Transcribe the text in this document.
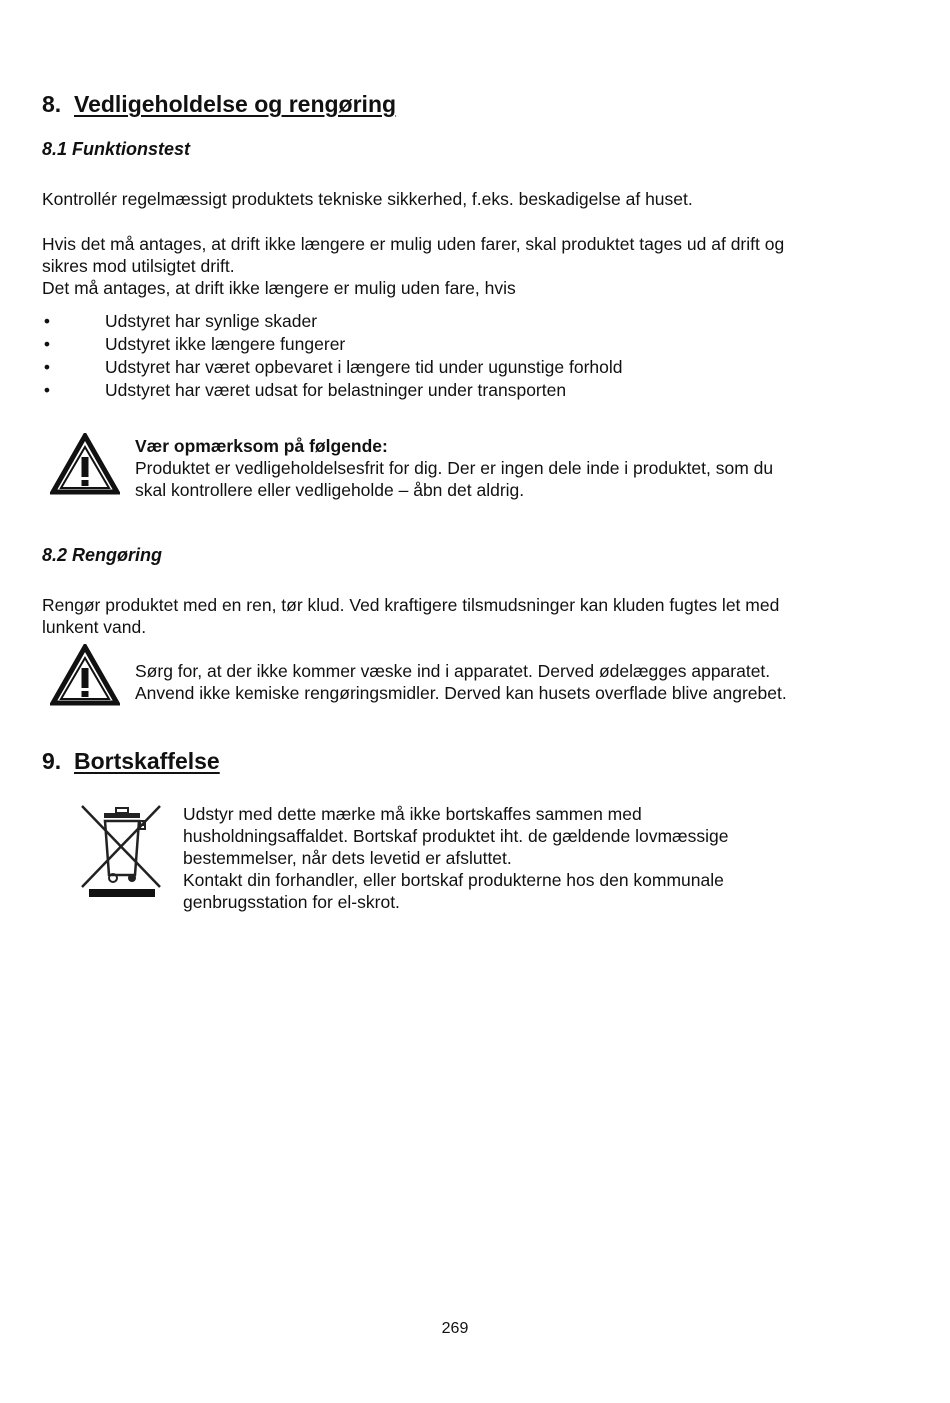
8. Vedligeholdelse og rengøring
8.1 Funktionstest
Kontrollér regelmæssigt produktets tekniske sikkerhed, f.eks. beskadigelse af huset.
Hvis det må antages, at drift ikke længere er mulig uden farer, skal produktet tages ud af drift og
sikres mod utilsigtet drift.
Det må antages, at drift ikke længere er mulig uden fare, hvis
•	Udstyret har synlige skader
•	Udstyret ikke længere fungerer
•	Udstyret har været opbevaret i længere tid under ugunstige forhold
•	Udstyret har været udsat for belastninger under transporten
Vær opmærksom på følgende:
Produktet er vedligeholdelsesfrit for dig. Der er ingen dele inde i produktet, som du
skal kontrollere eller vedligeholde – åbn det aldrig.
8.2 Rengøring
Rengør produktet med en ren, tør klud. Ved kraftigere tilsmudsninger kan kluden fugtes let med
lunkent vand.
Sørg for, at der ikke kommer væske ind i apparatet. Derved ødelægges apparatet.
Anvend ikke kemiske rengøringsmidler. Derved kan husets overflade blive angrebet.
9. Bortskaffelse
Udstyr med dette mærke må ikke bortskaffes sammen med
husholdningsaffaldet. Bortskaf produktet iht. de gældende lovmæssige
bestemmelser, når dets levetid er afsluttet.
Kontakt din forhandler, eller bortskaf produkterne hos den kommunale
genbrugsstation for el-skrot.
269
